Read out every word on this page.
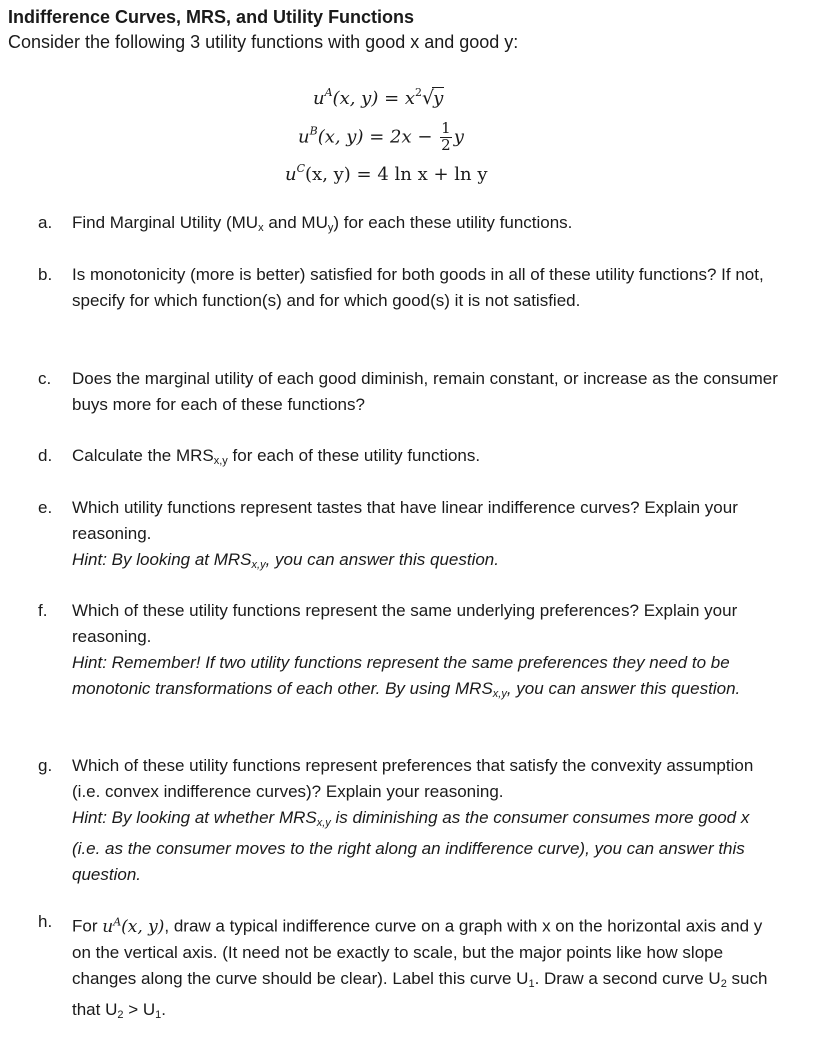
Indifference Curves, MRS, and Utility Functions
Consider the following 3 utility functions with good x and good y:
$u^A(x$, $y) = x^2√y$
$u^B(x$, $y) = 2x - \frac{1}{2}$ y
$u^C(x$, y) = 4 ln x + ln y
a.	Find Marginal Utility ($MU_x$ and $MU_y$) for each these utility functions.
b.	Is monotonicity (more is better) satisfied for both goods in all of these utility functions? If not, specify for which function(s) and for which good(s) it is not satisfied.
c.	Does the marginal utility of each good diminish, remain constant, or increase as the consumer buys more for each of these functions?
d.	Calculate the $MRS_{x,y}$ for each of these utility functions.
e.	Which utility functions represent tastes that have linear indifference curves? Explain your reasoning.
Hint: By looking at $MRS_{x,y}$, you can answer this question.
f.	Which of these utility functions represent the same underlying preferences? Explain your reasoning.
Hint: Remember! If two utility functions represent the same preferences they need to be monotonic transformations of each other. By using $MRS_{x,y}$, you can answer this question.
g.	Which of these utility functions represent preferences that satisfy the convexity assumption (i.e. convex indifference curves)? Explain your reasoning.
Hint: By looking at whether $MRS_{x,y}$ is diminishing as the consumer consumes more good x (i.e. as the consumer moves to the right along an indifference curve), you can answer this question.
h.	For $u^A(x$, y), draw a typical indifference curve on a graph with x on the horizontal axis and y on the vertical axis. (It need not be exactly to scale, but the major points like how slope changes along the curve should be clear). Label this curve $U_1$. Draw a second curve $U_2$ such that $U_2 > U_1$.
